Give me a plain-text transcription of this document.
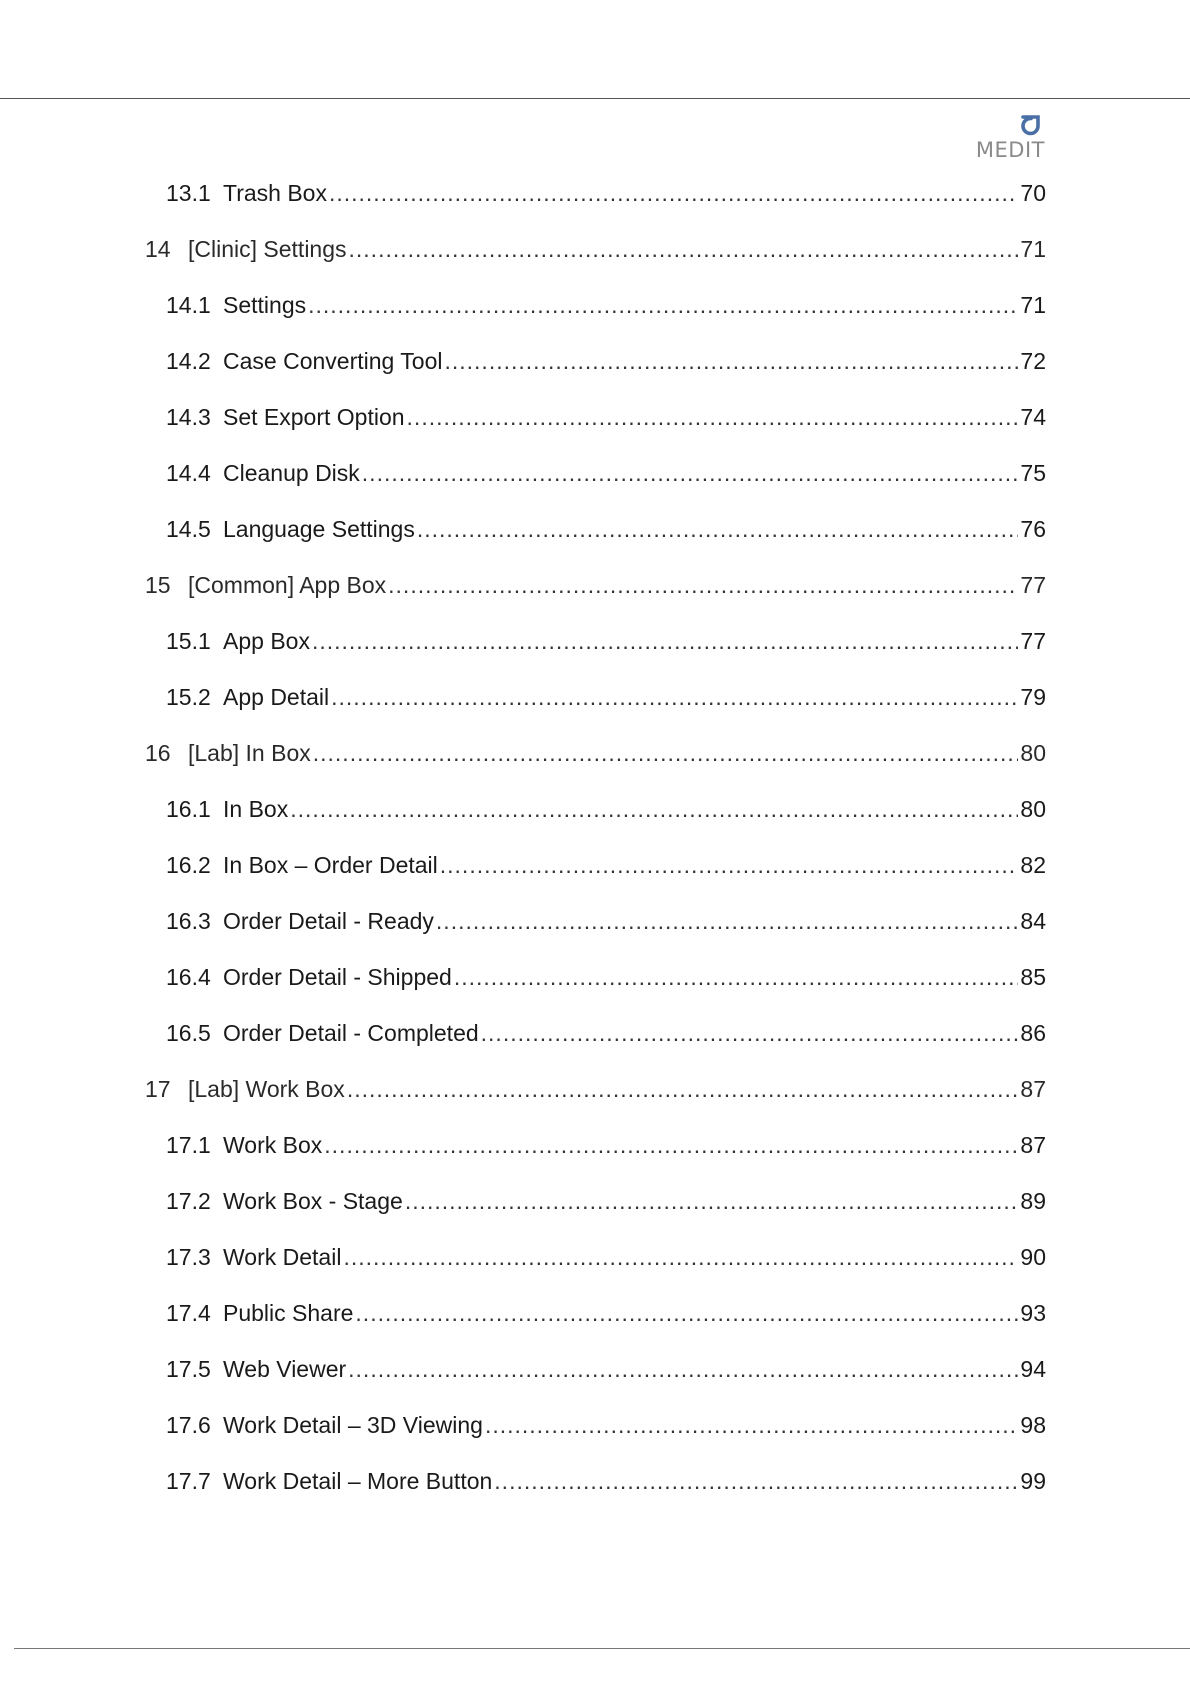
MEDIT
13.1 Trash Box .....	70
14 [Clinic] Settings .....	71
14.1 Settings .....	71
14.2 Case Converting Tool .....	72
14.3 Set Export Option .....	74
14.4 Cleanup Disk .....	75
14.5 Language Settings .....	76
15 [Common] App Box .....	77
15.1 App Box .....	77
15.2 App Detail .....	79
16 [Lab] In Box .....	80
16.1 In Box .....	80
16.2 In Box – Order Detail .....	82
16.3 Order Detail - Ready .....	84
16.4 Order Detail - Shipped .....	85
16.5 Order Detail - Completed .....	86
17 [Lab] Work Box .....	87
17.1 Work Box .....	87
17.2 Work Box - Stage .....	89
17.3 Work Detail .....	90
17.4 Public Share .....	93
17.5 Web Viewer .....	94
17.6 Work Detail – 3D Viewing .....	98
17.7 Work Detail – More Button .....	99
